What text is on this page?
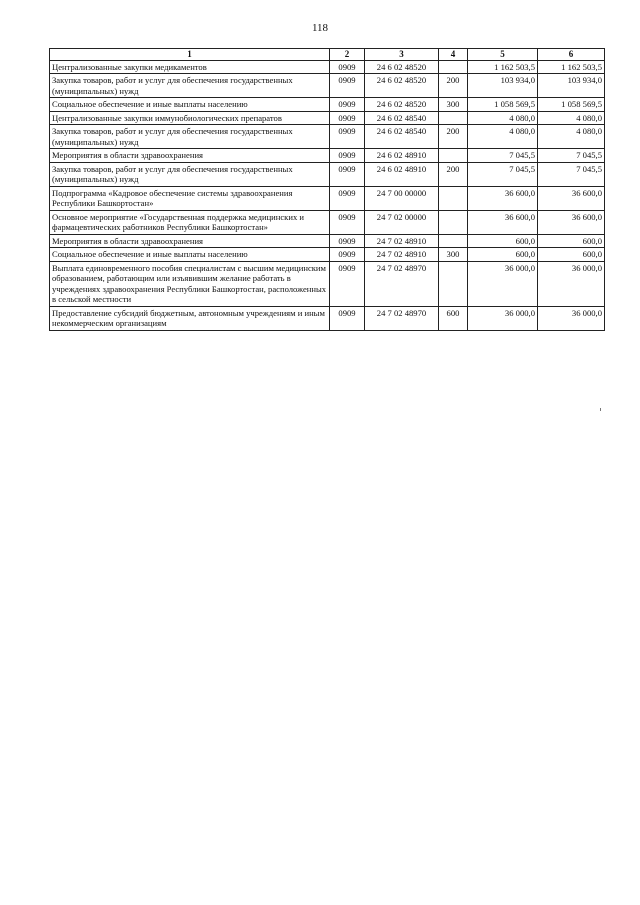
118
1	2	3	4	5	6
Централизованные закупки медикаментов	0909	24 6 02 48520		1 162 503,5	1 162 503,5
Закупка товаров, работ и услуг для обеспечения государственных (муниципальных) нужд	0909	24 6 02 48520	200	103 934,0	103 934,0
Социальное обеспечение и иные выплаты населению	0909	24 6 02 48520	300	1 058 569,5	1 058 569,5
Централизованные закупки иммунобиологических препаратов	0909	24 6 02 48540		4 080,0	4 080,0
Закупка товаров, работ и услуг для обеспечения государственных (муниципальных) нужд	0909	24 6 02 48540	200	4 080,0	4 080,0
Мероприятия в области здравоохранения	0909	24 6 02 48910		7 045,5	7 045,5
Закупка товаров, работ и услуг для обеспечения государственных (муниципальных) нужд	0909	24 6 02 48910	200	7 045,5	7 045,5
Подпрограмма «Кадровое обеспечение системы здравоохранения Республики Башкортостан»	0909	24 7 00 00000		36 600,0	36 600,0
Основное мероприятие «Государственная поддержка медицинских и фармацевтических работников Республики Башкортостан»	0909	24 7 02 00000		36 600,0	36 600,0
Мероприятия в области здравоохранения	0909	24 7 02 48910		600,0	600,0
Социальное обеспечение и иные выплаты населению	0909	24 7 02 48910	300	600,0	600,0
Выплата единовременного пособия специалистам с высшим медицинским образованием, работающим или изъявившим желание работать в учреждениях здравоохранения Республики Башкортостан, расположенных в сельской местности	0909	24 7 02 48970		36 000,0	36 000,0
Предоставление субсидий бюджетным, автономным учреждениям и иным некоммерческим организациям	0909	24 7 02 48970	600	36 000,0	36 000,0
